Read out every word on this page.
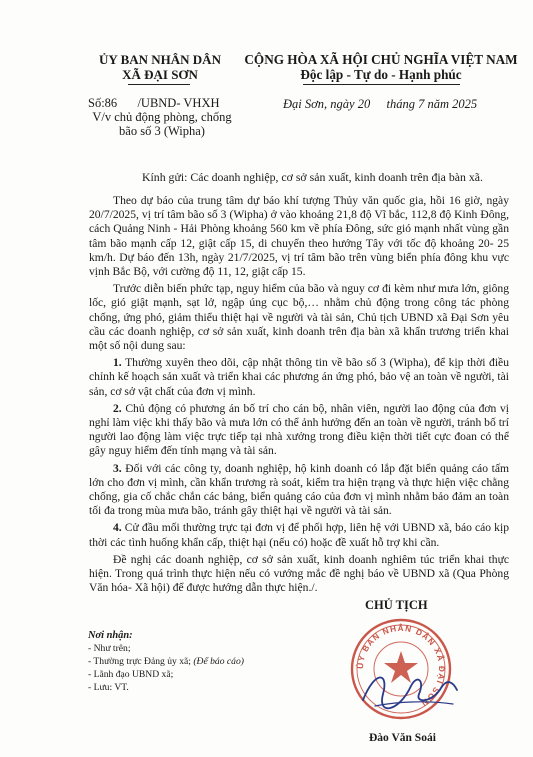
ỦY BAN NHÂN DÂN
XÃ ĐẠI SƠN
CỘNG HÒA XÃ HỘI CHỦ NGHĨA VIỆT NAM
Độc lập - Tự do - Hạnh phúc
Số:86 /UBND- VHXH
V/v chủ động phòng, chống
bão số 3 (Wipha)
Đại Sơn, ngày 20 tháng 7 năm 2025
Kính gửi: Các doanh nghiệp, cơ sở sản xuất, kinh doanh trên địa bàn xã.

Theo dự báo của trung tâm dự báo khí tượng Thủy văn quốc gia, hồi 16 giờ, ngày 20/7/2025, vị trí tâm bão số 3 (Wipha) ở vào khoảng 21,8 độ Vĩ bắc, 112,8 độ Kinh Đông, cách Quảng Ninh - Hải Phòng khoảng 560 km về phía Đông, sức gió mạnh nhất vùng gần tâm bão mạnh cấp 12, giật cấp 15, di chuyển theo hướng Tây với tốc độ khoảng 20- 25 km/h. Dự báo đến 13h, ngày 21/7/2025, vị trí tâm bão trên vùng biển phía đông khu vực vịnh Bắc Bộ, với cường độ 11, 12, giật cấp 15.

Trước diễn biến phức tạp, nguy hiểm của bão và nguy cơ đi kèm như mưa lớn, giông lốc, gió giật mạnh, sạt lở, ngập úng cục bộ,… nhằm chủ động trong công tác phòng chống, ứng phó, giảm thiểu thiệt hại về người và tài sản, Chủ tịch UBND xã Đại Sơn yêu cầu các doanh nghiệp, cơ sở sản xuất, kinh doanh trên địa bàn xã khẩn trương triển khai một số nội dung sau:

1. Thường xuyên theo dõi, cập nhật thông tin về bão số 3 (Wipha), để kịp thời điều chỉnh kế hoạch sản xuất và triển khai các phương án ứng phó, bảo vệ an toàn về người, tài sản, cơ sở vật chất của đơn vị mình.

2. Chủ động có phương án bố trí cho cán bộ, nhân viên, người lao động của đơn vị nghỉ làm việc khi thấy bão và mưa lớn có thể ảnh hưởng đến an toàn về người, tránh bố trí người lao động làm việc trực tiếp tại nhà xưởng trong điều kiện thời tiết cực đoan có thể gây nguy hiểm đến tính mạng và tài sản.

3. Đối với các công ty, doanh nghiệp, hộ kinh doanh có lắp đặt biển quảng cáo tấm lớn cho đơn vị mình, cần khẩn trương rà soát, kiểm tra hiện trạng và thực hiện việc chằng chống, gia cố chắc chắn các bảng, biển quảng cáo của đơn vị mình nhằm bảo đảm an toàn tối đa trong mùa mưa bão, tránh gây thiệt hại về người và tài sản.

4. Cử đầu mối thường trực tại đơn vị để phối hợp, liên hệ với UBND xã, báo cáo kịp thời các tình huống khẩn cấp, thiệt hại (nếu có) hoặc đề xuất hỗ trợ khi cần.

Đề nghị các doanh nghiệp, cơ sở sản xuất, kinh doanh nghiêm túc triển khai thực hiện. Trong quá trình thực hiện nếu có vướng mắc đề nghị báo về UBND xã (Qua Phòng Văn hóa- Xã hội) để được hướng dẫn thực hiện./.

Nơi nhận:
- Như trên;
- Thường trực Đảng ủy xã; (Để báo cáo)
- Lãnh đạo UBND xã;
- Lưu: VT.
CHỦ TỊCH
ỦY BAN NHÂN DÂN XÃ ĐẠI SƠN
Đào Văn Soái
